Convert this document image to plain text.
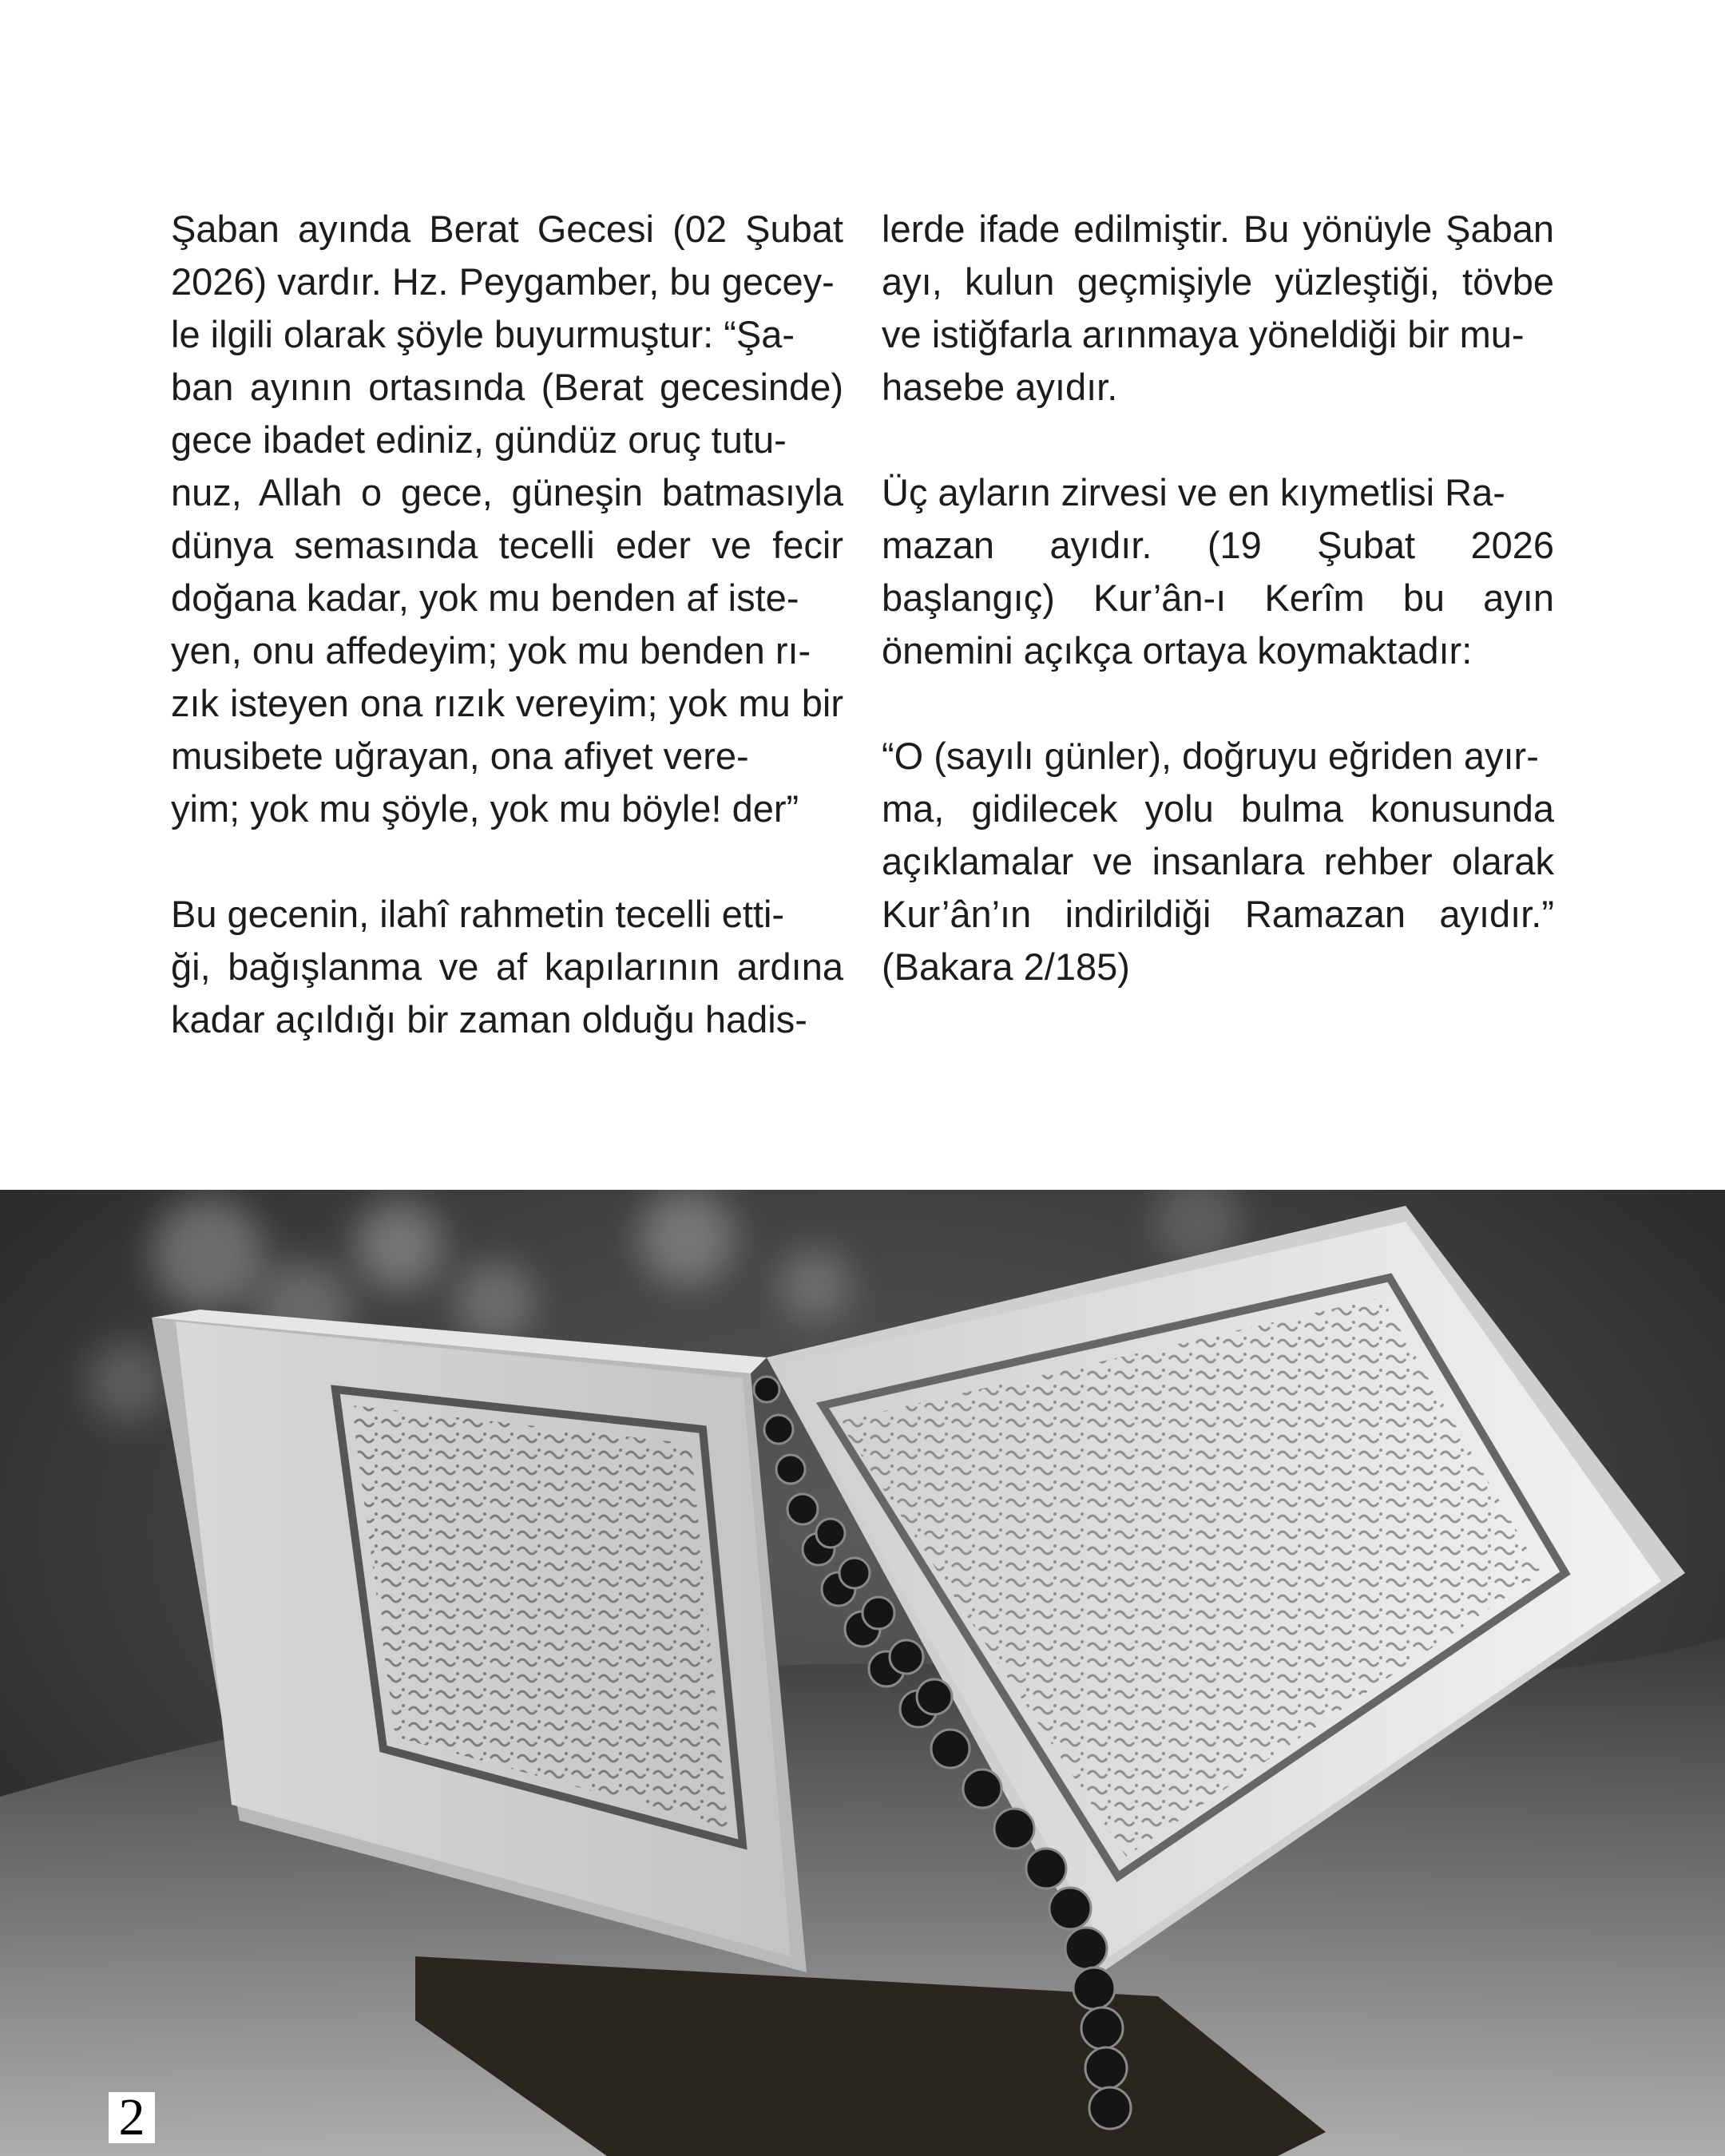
Şaban ayında Berat Gecesi (02 Şubat 2026) vardır. Hz. Peygamber, bu gecey-
le ilgili olarak şöyle buyurmuştur: “Şa-
ban ayının ortasında (Berat gecesinde) gece ibadet ediniz, gündüz oruç tutu-
nuz, Allah o gece, güneşin batmasıyla dünya semasında tecelli eder ve fecir doğana kadar, yok mu benden af iste-
yen, onu affedeyim; yok mu benden rı-
zık isteyen ona rızık vereyim; yok mu bir musibete uğrayan, ona afiyet vere-
yim; yok mu şöyle, yok mu böyle! der”

Bu gecenin, ilahî rahmetin tecelli etti-
ği, bağışlanma ve af kapılarının ardına kadar açıldığı bir zaman olduğu hadis-

lerde ifade edilmiştir. Bu yönüyle Şaban ayı, kulun geçmişiyle yüzleştiği, tövbe ve istiğfarla arınmaya yöneldiği bir mu-
hasebe ayıdır.

Üç ayların zirvesi ve en kıymetlisi Ra-
mazan ayıdır. (19 Şubat 2026 başlangıç) Kur’ân-ı Kerîm bu ayın önemini açıkça ortaya koymaktadır:

“O (sayılı günler), doğruyu eğriden ayır-
ma, gidilecek yolu bulma konusunda açıklamalar ve insanlara rehber olarak Kur’ân’ın indirildiği Ramazan ayıdır.” (Bakara 2/185)

2
